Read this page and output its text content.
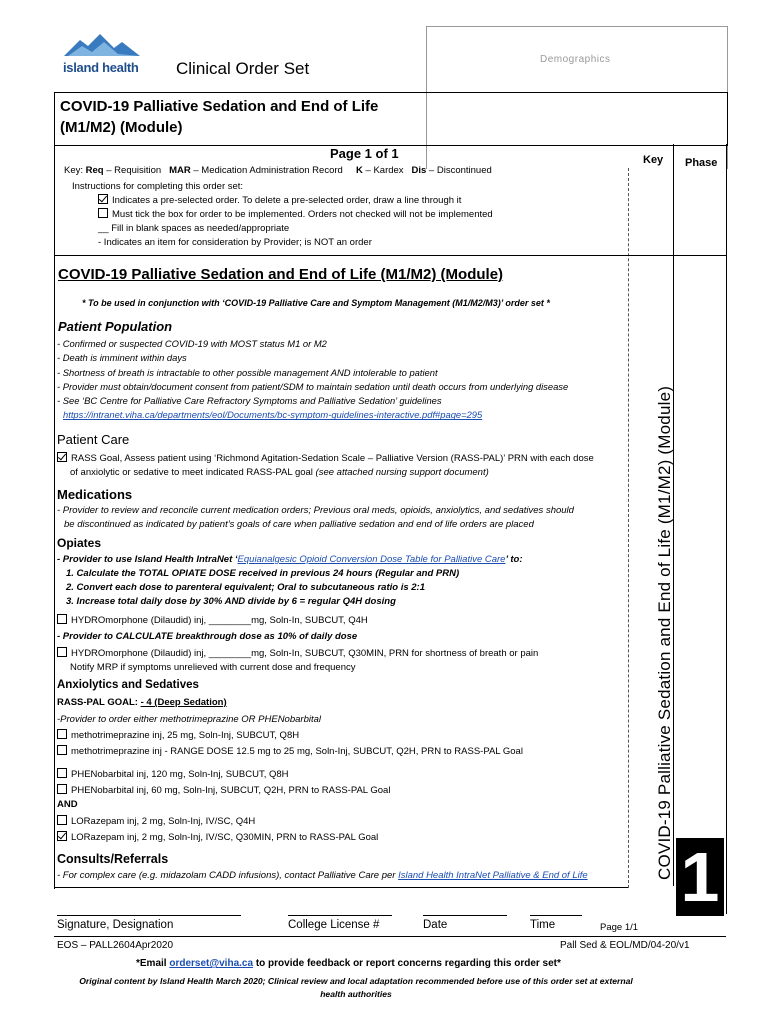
island health Clinical Order Set	Demographics
COVID-19 Palliative Sedation and End of Life
(M1/M2) (Module)
Page 1 of 1	Key Phase
COVID-19 Palliative Sedation and End of Life (M1/M2) (Module) 1
Key: Req – Requisition MAR – Medication Administration Record K – Kardex Dis – Discontinued
Instructions for completing this order set:
Indicates a pre-selected order. To delete a pre-selected order, draw a line through it
Must tick the box for order to be implemented. Orders not checked will not be implemented
__ Fill in blank spaces as needed/appropriate
- Indicates an item for consideration by Provider; is NOT an order
COVID-19 Palliative Sedation and End of Life (M1/M2) (Module)
* To be used in conjunction with ‘COVID-19 Palliative Care and Symptom Management (M1/M2/M3)’ order set *
Patient Population
- Confirmed or suspected COVID-19 with MOST status M1 or M2
- Death is imminent within days
- Shortness of breath is intractable to other possible management AND intolerable to patient
- Provider must obtain/document consent from patient/SDM to maintain sedation until death occurs from underlying disease
- See ‘BC Centre for Palliative Care Refractory Symptoms and Palliative Sedation’ guidelines
https://intranet.viha.ca/departments/eol/Documents/bc-symptom-guidelines-interactive.pdf#page=295
Patient Care
RASS Goal, Assess patient using ‘Richmond Agitation-Sedation Scale – Palliative Version (RASS-PAL)’ PRN with each dose
of anxiolytic or sedative to meet indicated RASS-PAL goal (see attached nursing support document)
Medications
- Provider to review and reconcile current medication orders; Previous oral meds, opioids, anxiolytics, and sedatives should
be discontinued as indicated by patient’s goals of care when palliative sedation and end of life orders are placed
Opiates
- Provider to use Island Health IntraNet ‘Equianalgesic Opioid Conversion Dose Table for Palliative Care’ to:
1. Calculate the TOTAL OPIATE DOSE received in previous 24 hours (Regular and PRN)
2. Convert each dose to parenteral equivalent; Oral to subcutaneous ratio is 2:1
3. Increase total daily dose by 30% AND divide by 6 = regular Q4H dosing
HYDROmorphone (Dilaudid) inj, ________mg, Soln-In, SUBCUT, Q4H
- Provider to CALCULATE breakthrough dose as 10% of daily dose
HYDROmorphone (Dilaudid) inj, ________mg, Soln-In, SUBCUT, Q30MIN, PRN for shortness of breath or pain
Notify MRP if symptoms unrelieved with current dose and frequency
Anxiolytics and Sedatives
RASS-PAL GOAL: - 4 (Deep Sedation)
-Provider to order either methotrimeprazine OR PHENobarbital
methotrimeprazine inj, 25 mg, Soln-Inj, SUBCUT, Q8H
methotrimeprazine inj - RANGE DOSE 12.5 mg to 25 mg, Soln-Inj, SUBCUT, Q2H, PRN to RASS-PAL Goal
PHENobarbital inj, 120 mg, Soln-Inj, SUBCUT, Q8H
PHENobarbital inj, 60 mg, Soln-Inj, SUBCUT, Q2H, PRN to RASS-PAL Goal
AND
LORazepam inj, 2 mg, Soln-Inj, IV/SC, Q4H
LORazepam inj, 2 mg, Soln-Inj, IV/SC, Q30MIN, PRN to RASS-PAL Goal
Consults/Referrals
- For complex care (e.g. midazolam CADD infusions), contact Palliative Care per Island Health IntraNet Palliative & End of Life
Signature, Designation	College License #	Date	Time	Page 1/1
EOS – PALL2604Apr2020	Pall Sed & EOL/MD/04-20/v1
*Email orderset@viha.ca to provide feedback or report concerns regarding this order set*
Original content by Island Health March 2020; Clinical review and local adaptation recommended before use of this order set at external
health authorities
